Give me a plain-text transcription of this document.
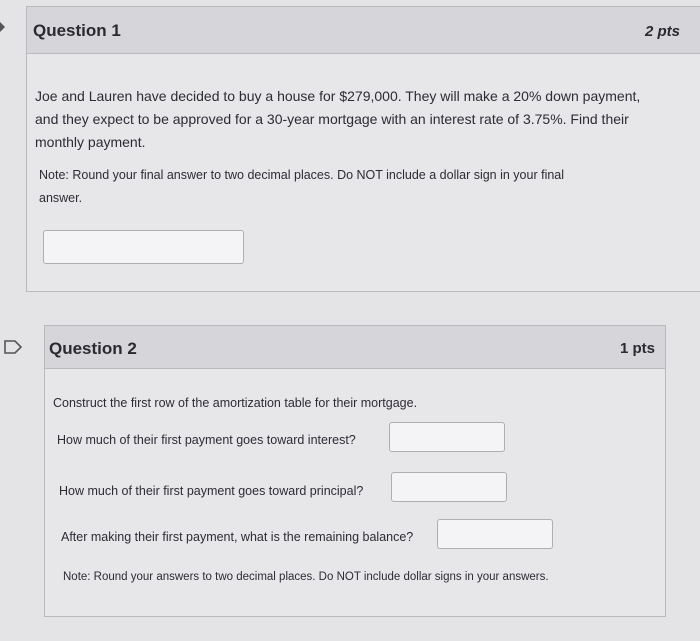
Question 1	2 pts
Joe and Lauren have decided to buy a house for $279,000. They will make a 20% down payment,
and they expect to be approved for a 30-year mortgage with an interest rate of 3.75%. Find their
monthly payment.
Note: Round your final answer to two decimal places. Do NOT include a dollar sign in your final
answer.
Question 2	1 pts
Construct the first row of the amortization table for their mortgage.
How much of their first payment goes toward interest?
How much of their first payment goes toward principal?
After making their first payment, what is the remaining balance?
Note: Round your answers to two decimal places. Do NOT include dollar signs in your answers.
